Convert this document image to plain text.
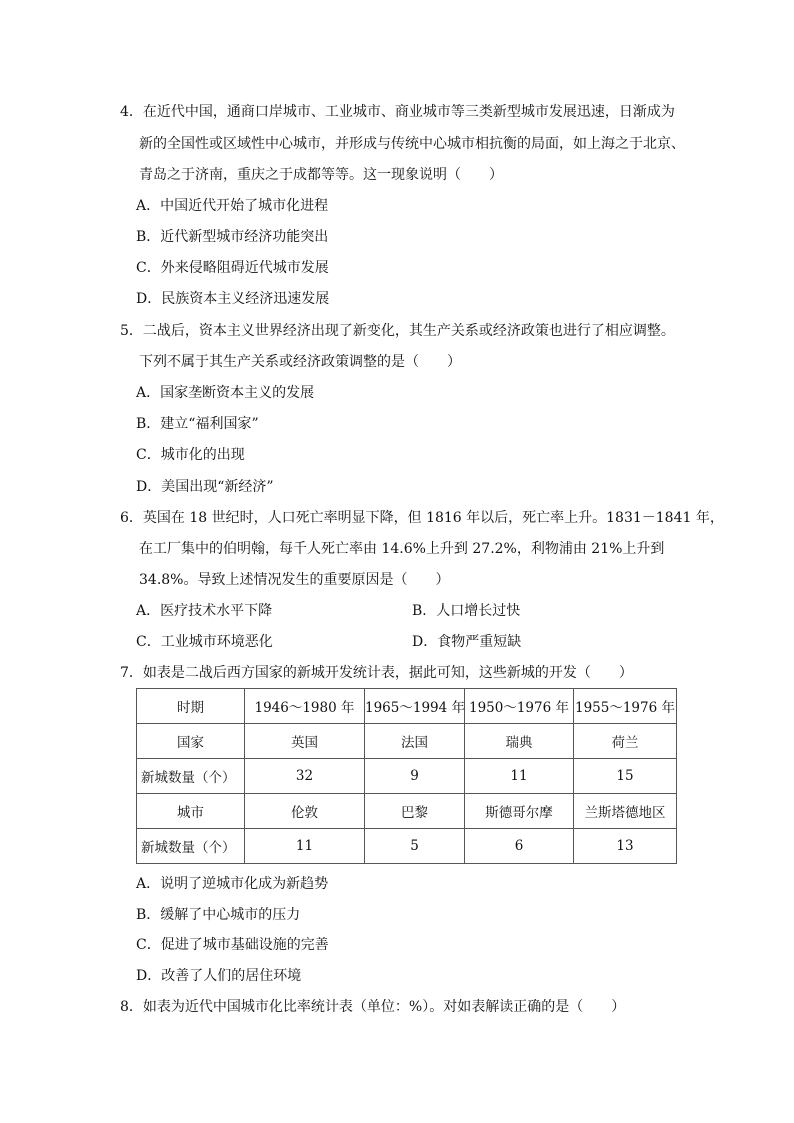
4．在近代中国，通商口岸城市、工业城市、商业城市等三类新型城市发展迅速，日渐成为
新的全国性或区域性中心城市，并形成与传统中心城市相抗衡的局面，如上海之于北京、
青岛之于济南，重庆之于成都等等。这一现象说明（　　）
A．中国近代开始了城市化进程
B．近代新型城市经济功能突出
C．外来侵略阻碍近代城市发展
D．民族资本主义经济迅速发展
5．二战后，资本主义世界经济出现了新变化，其生产关系或经济政策也进行了相应调整。
下列不属于其生产关系或经济政策调整的是（　　）
A．国家垄断资本主义的发展
B．建立“福利国家”
C．城市化的出现
D．美国出现“新经济”
6．英国在 18 世纪时，人口死亡率明显下降，但 1816 年以后，死亡率上升。1831－1841 年，
在工厂集中的伯明翰，每千人死亡率由 14.6%上升到 27.2%，利物浦由 21%上升到
34.8%。导致上述情况发生的重要原因是（　　）
A．医疗技术水平下降	B．人口增长过快
C．工业城市环境恶化	D．食物严重短缺
7．如表是二战后西方国家的新城开发统计表，据此可知，这些新城的开发（　　）
时期	1946～1980 年	1965～1994 年	1950～1976 年	1955～1976 年
国家	英国	法国	瑞典	荷兰
新城数量（个）	32	9	11	15
城市	伦敦	巴黎	斯德哥尔摩	兰斯塔德地区
新城数量（个）	11	5	6	13
A．说明了逆城市化成为新趋势
B．缓解了中心城市的压力
C．促进了城市基础设施的完善
D．改善了人们的居住环境
8．如表为近代中国城市化比率统计表（单位：%）。对如表解读正确的是（　　）
